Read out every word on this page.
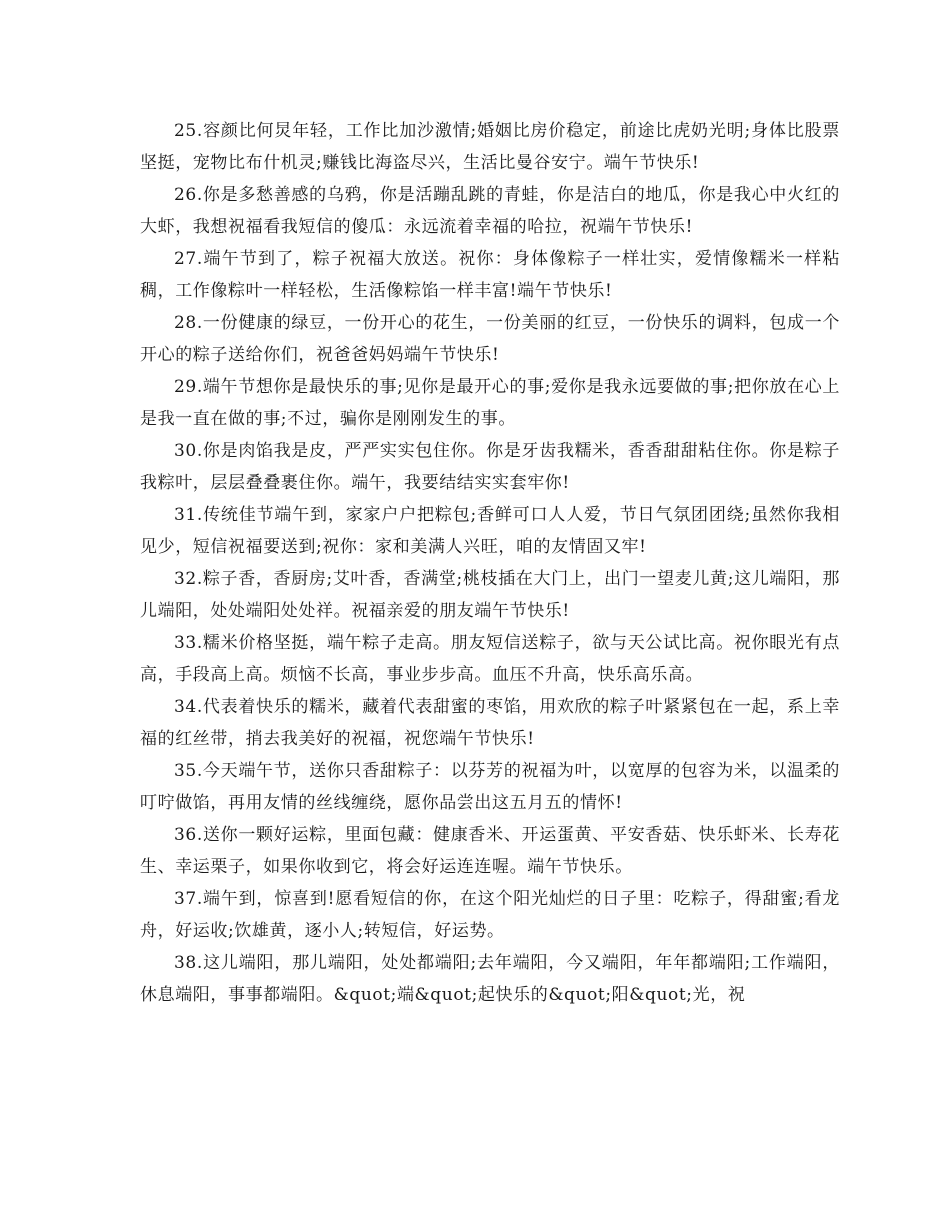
25.容颜比何炅年轻，工作比加沙激情;婚姻比房价稳定，前途比虎奶光明;身体比股票坚挺，宠物比布什机灵;赚钱比海盗尽兴，生活比曼谷安宁。端午节快乐!

26.你是多愁善感的乌鸦，你是活蹦乱跳的青蛙，你是洁白的地瓜，你是我心中火红的大虾，我想祝福看我短信的傻瓜：永远流着幸福的哈拉，祝端午节快乐!

27.端午节到了，粽子祝福大放送。祝你：身体像粽子一样壮实，爱情像糯米一样粘稠，工作像粽叶一样轻松，生活像粽馅一样丰富!端午节快乐!

28.一份健康的绿豆，一份开心的花生，一份美丽的红豆，一份快乐的调料，包成一个开心的粽子送给你们，祝爸爸妈妈端午节快乐!

29.端午节想你是最快乐的事;见你是最开心的事;爱你是我永远要做的事;把你放在心上是我一直在做的事;不过，骗你是刚刚发生的事。

30.你是肉馅我是皮，严严实实包住你。你是牙齿我糯米，香香甜甜粘住你。你是粽子我粽叶，层层叠叠裹住你。端午，我要结结实实套牢你!

31.传统佳节端午到，家家户户把粽包;香鲜可口人人爱，节日气氛团团绕;虽然你我相见少，短信祝福要送到;祝你：家和美满人兴旺，咱的友情固又牢!

32.粽子香，香厨房;艾叶香，香满堂;桃枝插在大门上，出门一望麦儿黄;这儿端阳，那儿端阳，处处端阳处处祥。祝福亲爱的朋友端午节快乐!

33.糯米价格坚挺，端午粽子走高。朋友短信送粽子，欲与天公试比高。祝你眼光有点高，手段高上高。烦恼不长高，事业步步高。血压不升高，快乐高乐高。

34.代表着快乐的糯米，藏着代表甜蜜的枣馅，用欢欣的粽子叶紧紧包在一起，系上幸福的红丝带，捎去我美好的祝福，祝您端午节快乐!

35.今天端午节，送你只香甜粽子：以芬芳的祝福为叶，以宽厚的包容为米，以温柔的叮咛做馅，再用友情的丝线缠绕，愿你品尝出这五月五的情怀!

36.送你一颗好运粽，里面包藏：健康香米、开运蛋黄、平安香菇、快乐虾米、长寿花生、幸运栗子，如果你收到它，将会好运连连喔。端午节快乐。

37.端午到，惊喜到!愿看短信的你，在这个阳光灿烂的日子里：吃粽子，得甜蜜;看龙舟，好运收;饮雄黄，逐小人;转短信，好运势。

38.这儿端阳，那儿端阳，处处都端阳;去年端阳，今又端阳，年年都端阳;工作端阳，休息端阳，事事都端阳。&quot;端&quot;起快乐的&quot;阳&quot;光，祝
